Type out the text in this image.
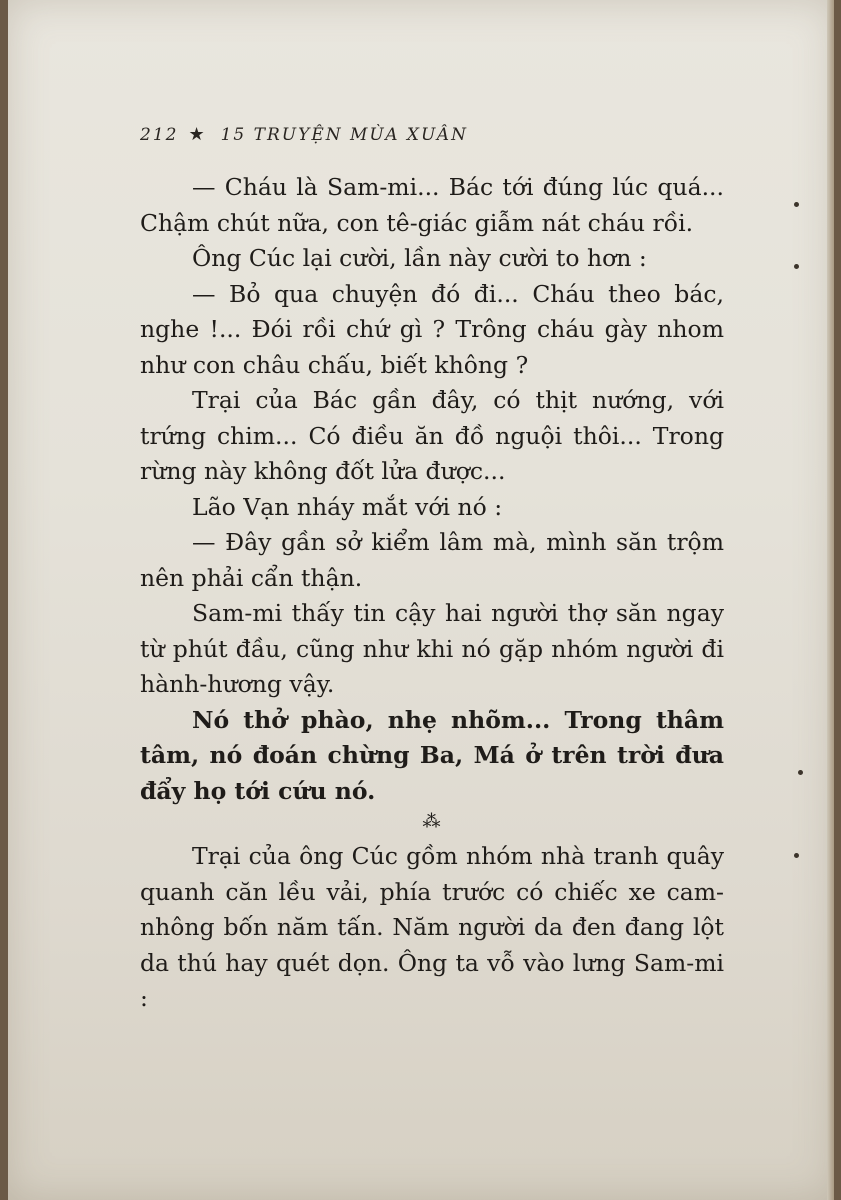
212 ★ 15 TRUYỆN MÙA XUÂN

— Cháu là Sam-mi... Bác tới đúng lúc quá... Chậm chút nữa, con tê-giác giẫm nát cháu rồi.

Ông Cúc lại cười, lần này cười to hơn :

— Bỏ qua chuyện đó đi... Cháu theo bác, nghe !... Đói rồi chứ gì ? Trông cháu gày nhom như con châu chấu, biết không ?

Trại của Bác gần đây, có thịt nướng, với trứng chim... Có điều ăn đồ nguội thôi... Trong rừng này không đốt lửa được...

Lão Vạn nháy mắt với nó :

— Đây gần sở kiểm lâm mà, mình săn trộm nên phải cẩn thận.

Sam-mi thấy tin cậy hai người thợ săn ngay từ phút đầu, cũng như khi nó gặp nhóm người đi hành-hương vậy.

Nó thở phào, nhẹ nhõm... Trong thâm tâm, nó đoán chừng Ba, Má ở trên trời đưa đẩy họ tới cứu nó.

⁂

Trại của ông Cúc gồm nhóm nhà tranh quây quanh căn lều vải, phía trước có chiếc xe cam-nhông bốn năm tấn. Năm người da đen đang lột da thú hay quét dọn. Ông ta vỗ vào lưng Sam-mi :
